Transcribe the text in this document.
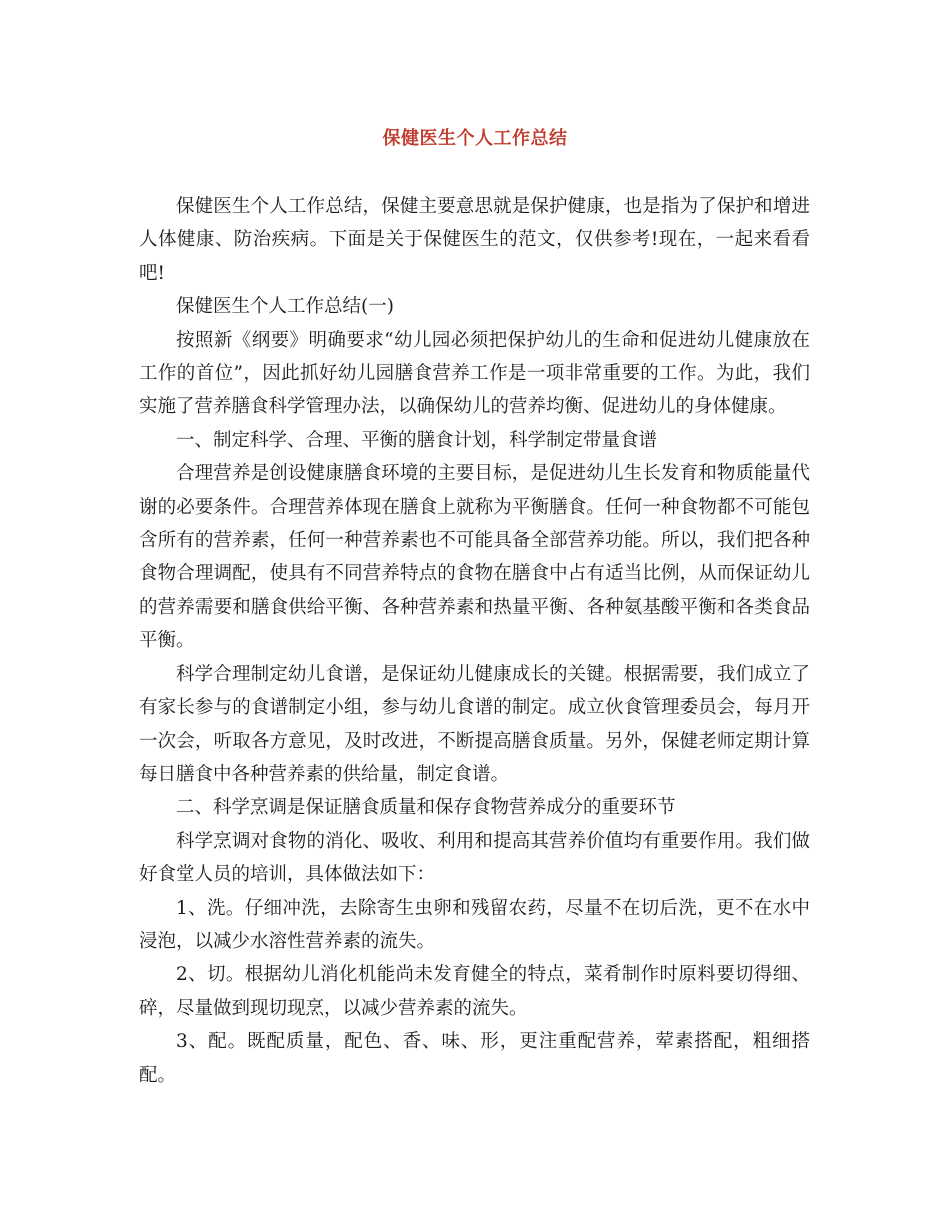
保健医生个人工作总结

保健医生个人工作总结，保健主要意思就是保护健康，也是指为了保护和增进人体健康、防治疾病。下面是关于保健医生的范文，仅供参考!现在，一起来看看吧!

保健医生个人工作总结(一)

按照新《纲要》明确要求“幼儿园必须把保护幼儿的生命和促进幼儿健康放在工作的首位”，因此抓好幼儿园膳食营养工作是一项非常重要的工作。为此，我们实施了营养膳食科学管理办法，以确保幼儿的营养均衡、促进幼儿的身体健康。

一、制定科学、合理、平衡的膳食计划，科学制定带量食谱

合理营养是创设健康膳食环境的主要目标，是促进幼儿生长发育和物质能量代谢的必要条件。合理营养体现在膳食上就称为平衡膳食。任何一种食物都不可能包含所有的营养素，任何一种营养素也不可能具备全部营养功能。所以，我们把各种食物合理调配，使具有不同营养特点的食物在膳食中占有适当比例，从而保证幼儿的营养需要和膳食供给平衡、各种营养素和热量平衡、各种氨基酸平衡和各类食品平衡。

科学合理制定幼儿食谱，是保证幼儿健康成长的关键。根据需要，我们成立了有家长参与的食谱制定小组，参与幼儿食谱的制定。成立伙食管理委员会，每月开一次会，听取各方意见，及时改进，不断提高膳食质量。另外，保健老师定期计算每日膳食中各种营养素的供给量，制定食谱。

二、科学烹调是保证膳食质量和保存食物营养成分的重要环节

科学烹调对食物的消化、吸收、利用和提高其营养价值均有重要作用。我们做好食堂人员的培训，具体做法如下：

1、洗。仔细冲洗，去除寄生虫卵和残留农药，尽量不在切后洗，更不在水中浸泡，以减少水溶性营养素的流失。

2、切。根据幼儿消化机能尚未发育健全的特点，菜肴制作时原料要切得细、碎，尽量做到现切现烹，以减少营养素的流失。

3、配。既配质量，配色、香、味、形，更注重配营养，荤素搭配，粗细搭配。
